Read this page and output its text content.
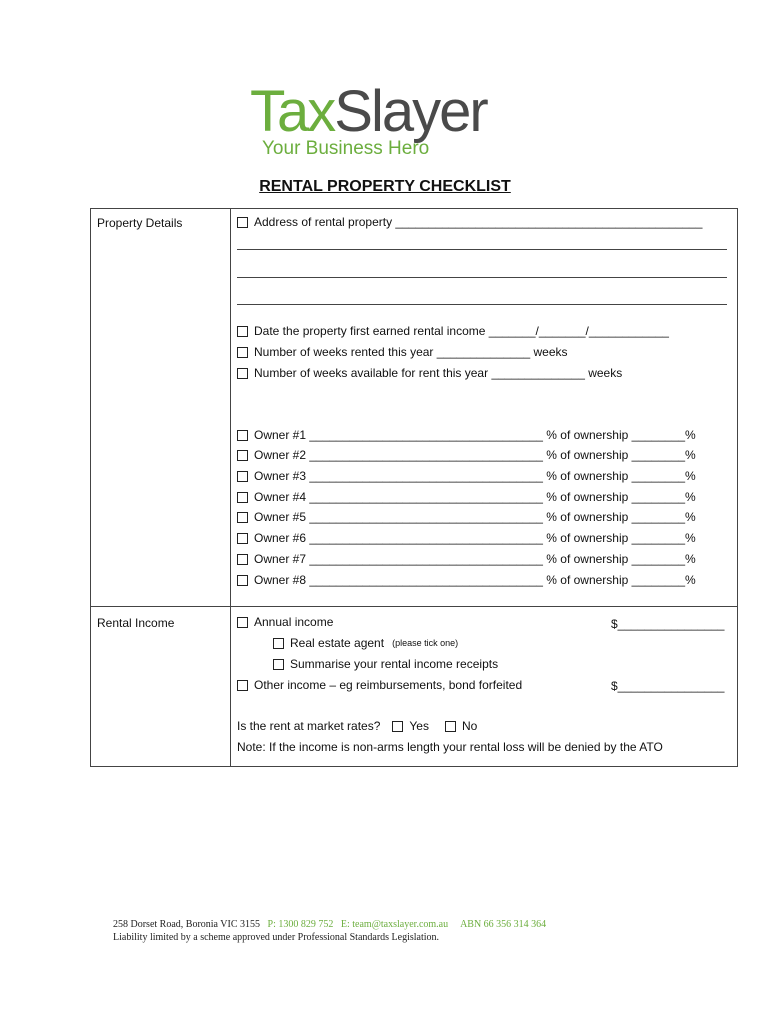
TaxSlayer
Your Business Hero
RENTAL PROPERTY CHECKLIST
Property Details	Address of rental property ______________________________________________
Date the property first earned rental income _______/_______/____________
Number of weeks rented this year ______________ weeks
Number of weeks available for rent this year ______________ weeks
Owner #1 ___________________________________ % of ownership ________%
Owner #2 ___________________________________ % of ownership ________%
Owner #3 ___________________________________ % of ownership ________%
Owner #4 ___________________________________ % of ownership ________%
Owner #5 ___________________________________ % of ownership ________%
Owner #6 ___________________________________ % of ownership ________%
Owner #7 ___________________________________ % of ownership ________%
Owner #8 ___________________________________ % of ownership ________%
Rental Income	Annual income	$________________
Real estate agent (please tick one)
Summarise your rental income receipts
Other income – eg reimbursements, bond forfeited	$________________
Is the rent at market rates? Yes	No
Note: If the income is non-arms length your rental loss will be denied by the ATO
258 Dorset Road, Boronia VIC 3155 P: 1300 829 752 E: team@taxslayer.com.au ABN 66 356 314 364
Liability limited by a scheme approved under Professional Standards Legislation.
